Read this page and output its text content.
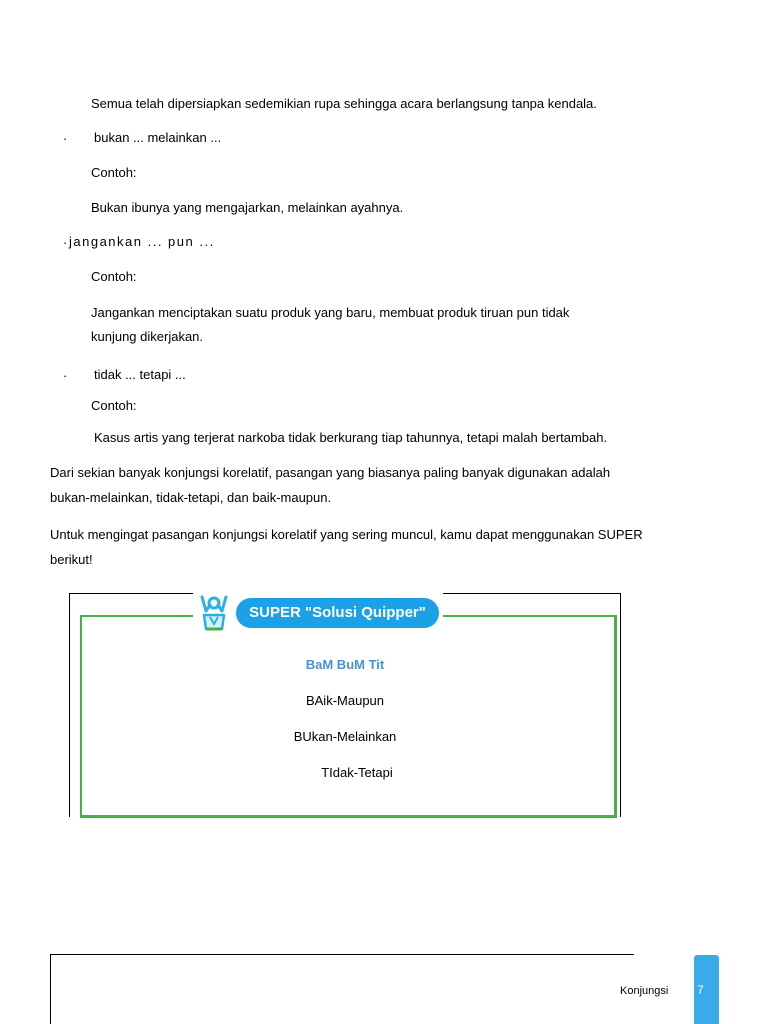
Semua telah dipersiapkan sedemikian rupa sehingga acara berlangsung tanpa kendala.
· bukan ... melainkan ...
Contoh:
Bukan ibunya yang mengajarkan, melainkan ayahnya.
· jangankan ... pun ...
Contoh:
Jangankan menciptakan suatu produk yang baru, membuat produk tiruan pun tidak
kunjung dikerjakan.
· tidak ... tetapi ...
Contoh:
Kasus artis yang terjerat narkoba tidak berkurang tiap tahunnya, tetapi malah bertambah.
Dari sekian banyak konjungsi korelatif, pasangan yang biasanya paling banyak digunakan adalah
bukan-melainkan, tidak-tetapi, dan baik-maupun.
Untuk mengingat pasangan konjungsi korelatif yang sering muncul, kamu dapat menggunakan SUPER
berikut!
SUPER "Solusi Quipper"
BaM BuM Tit
BAik-Maupun
BUkan-Melainkan
TIdak-Tetapi
Konjungsi 7
